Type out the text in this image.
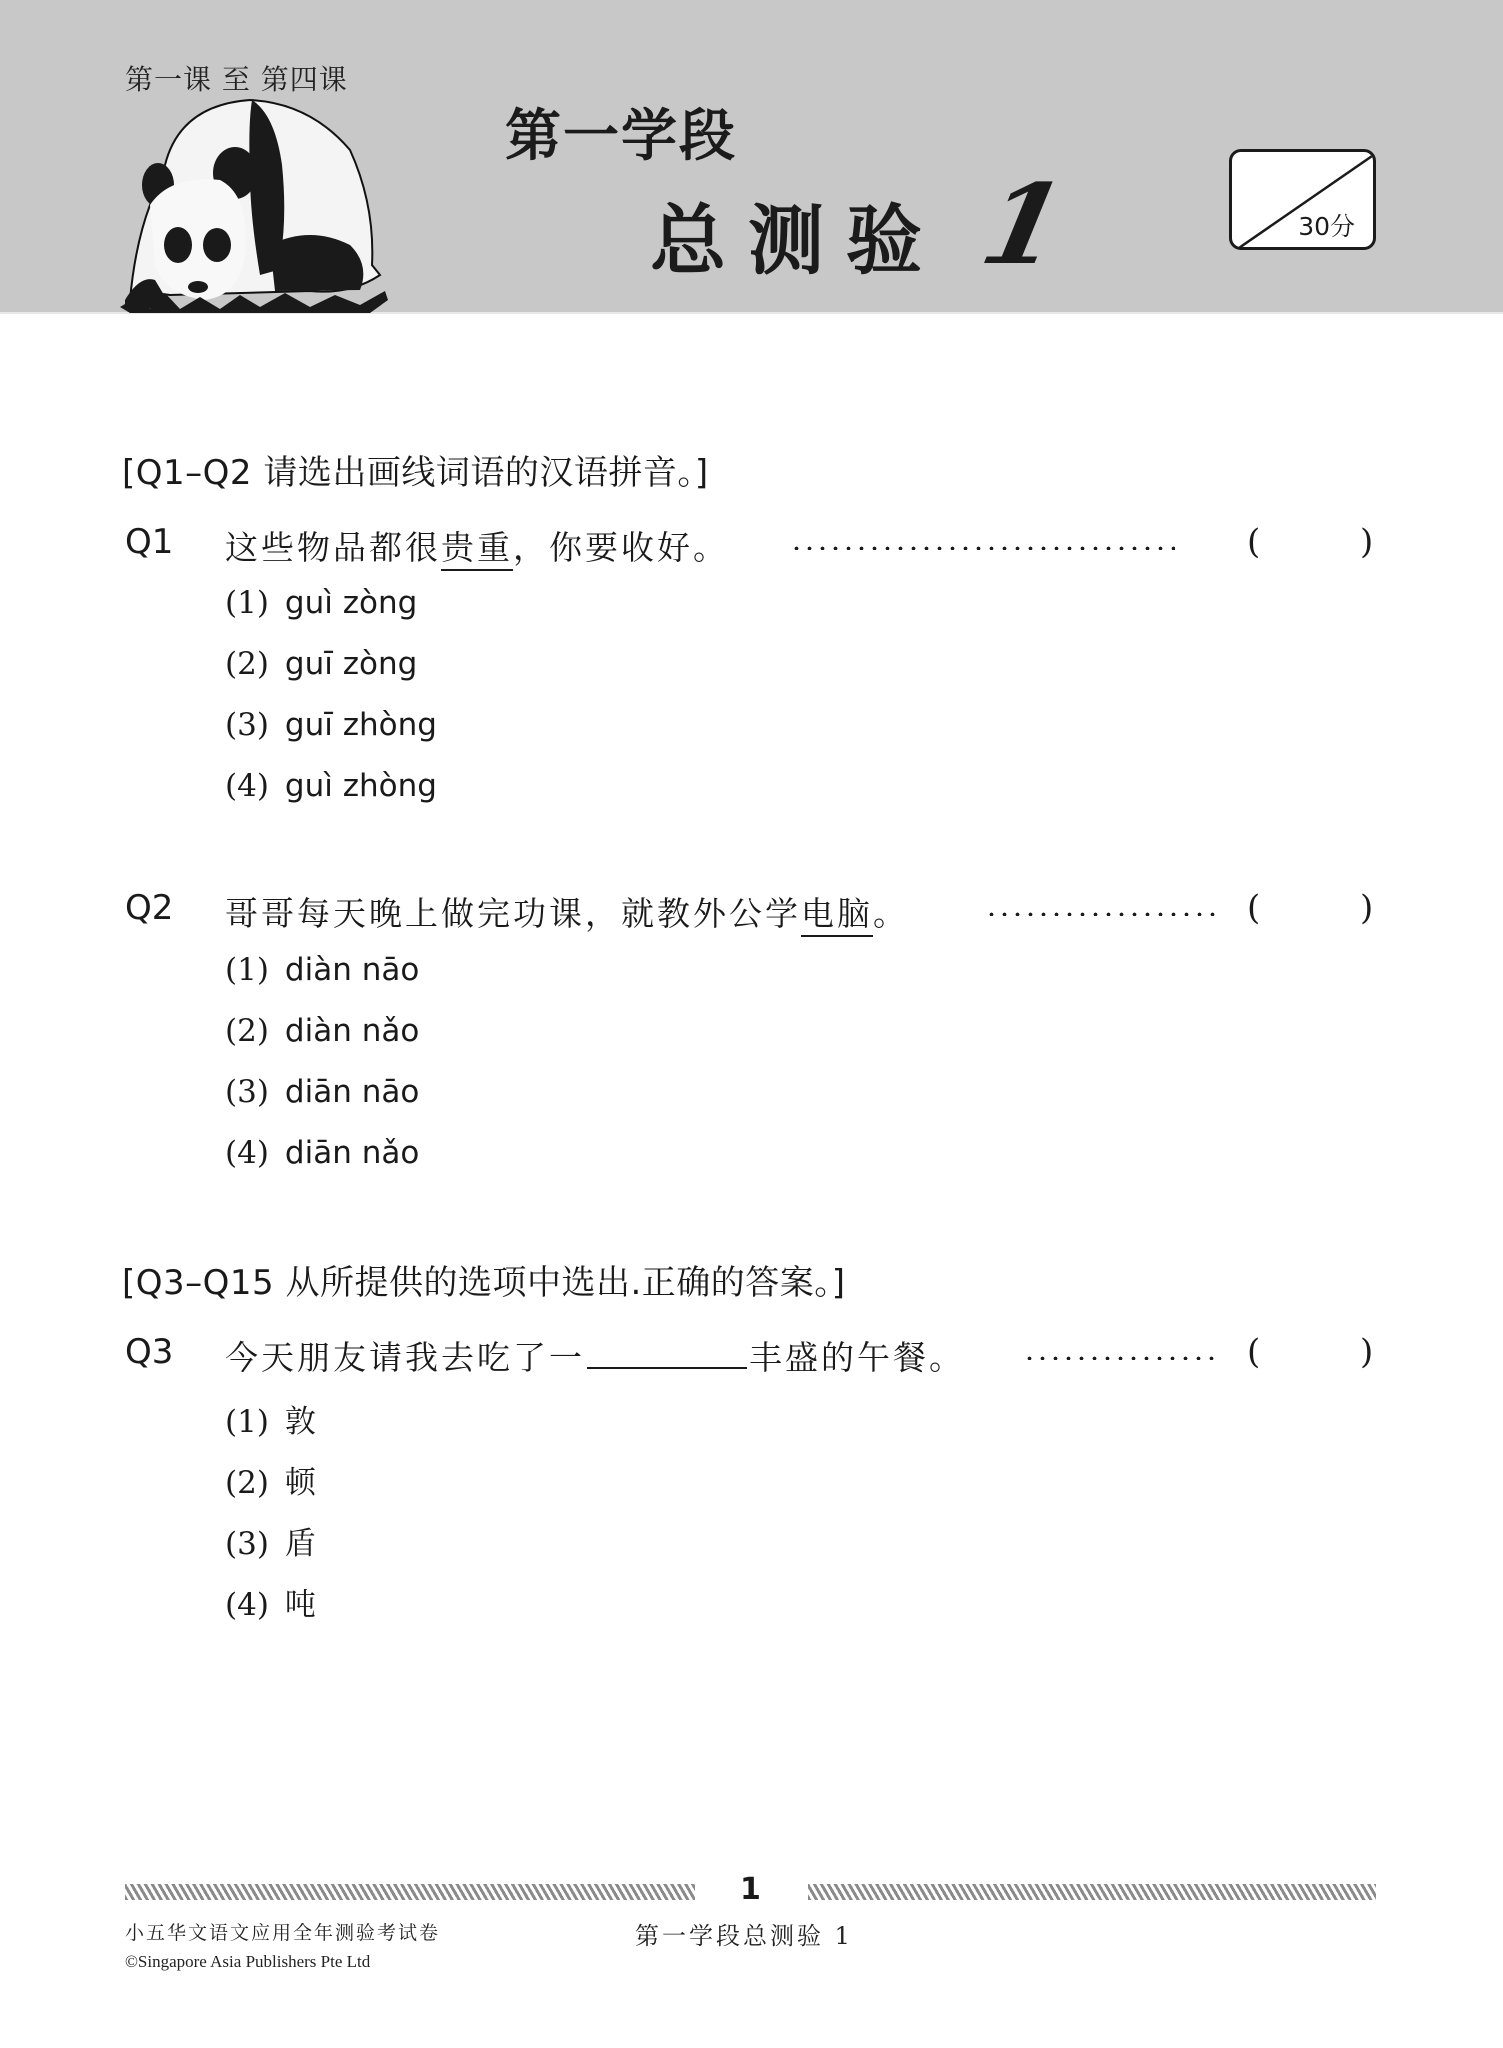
第一课 至 第四课
第一学段
总测验 1	30分
[Q1–Q2 请选出画线词语的汉语拼音。]
Q1 这些物品都很贵重，你要收好。	(	)
(1) guì zòng
(2) guī zòng
(3) guī zhòng
(4) guì zhòng
Q2 哥哥每天晚上做完功课，就教外公学电脑。	(	)
(1) diàn nāo
(2) diàn nǎo
(3) diān nāo
(4) diān nǎo
[Q3–Q15 从所提供的选项中选出.正确的答案。]
Q3 今天朋友请我去吃了一	丰盛的午餐。	(	)
(1) 敦
(2) 顿
(3) 盾
(4) 吨
1
小五华文语文应用全年测验考试卷
©Singapore Asia Publishers Pte Ltd
第一学段总测验 1
